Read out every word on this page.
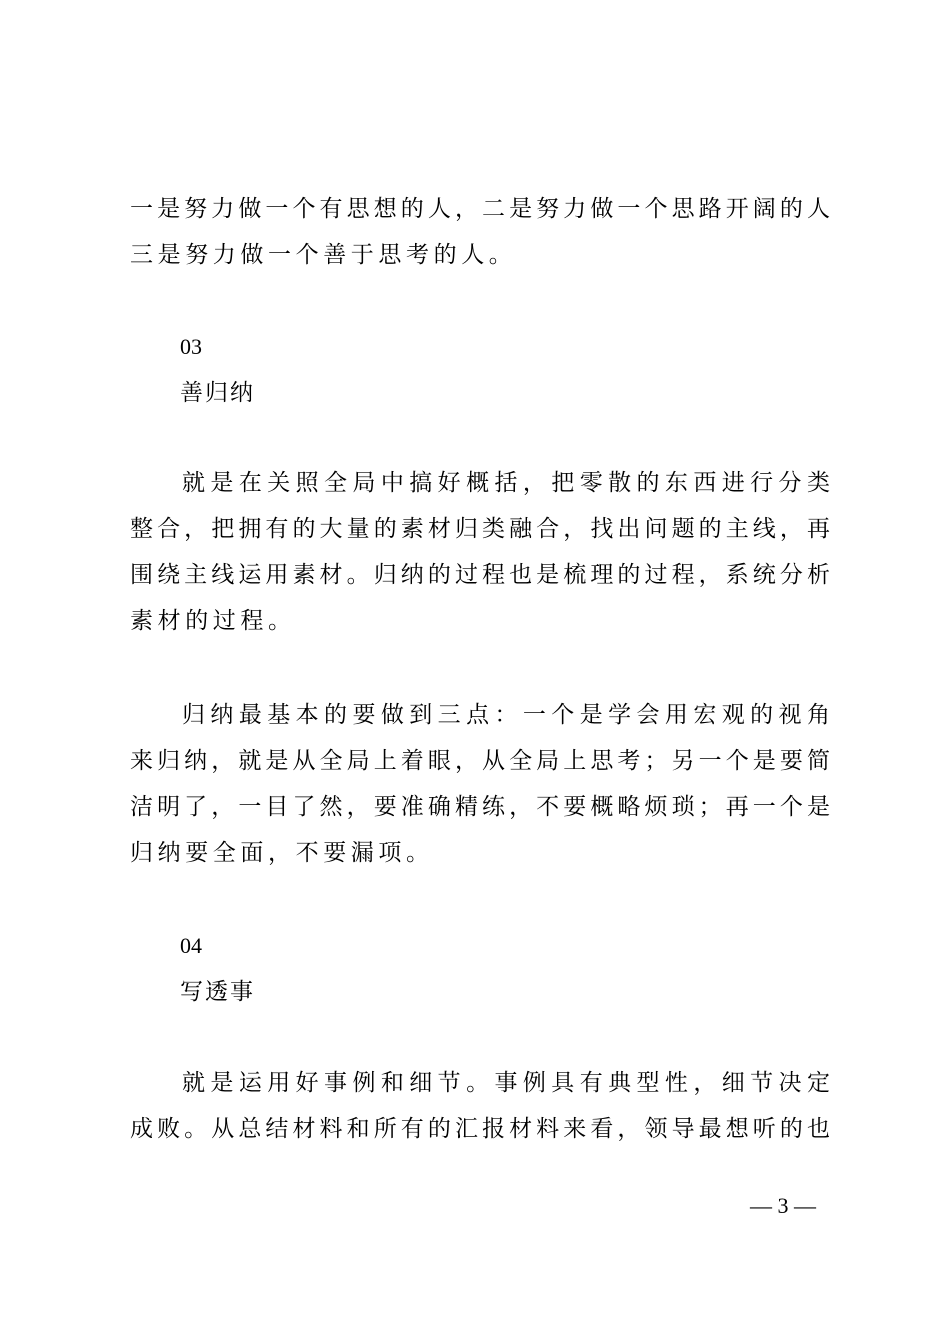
一 是 努 力 做 一 个 有 思 想 的 人 ， 二 是 努 力 做 一 个 思 路 开 阔 的 人
三是努力做一个善于思考的人。
03
善归纳
就 是 在 关 照 全 局 中 搞 好 概 括 ， 把 零 散 的 东 西 进 行 分 类
整 合 ， 把 拥 有 的 大 量 的 素 材 归 类 融 合 ， 找 出 问 题 的 主 线 ， 再
围 绕 主 线 运 用 素 材 。 归 纳 的 过 程 也 是 梳 理 的 过 程 ， 系 统 分 析
素材的过程。
归 纳 最 基 本 的 要 做 到 三 点 ： 一 个 是 学 会 用 宏 观 的 视 角
来 归 纳 ， 就 是 从 全 局 上 着 眼 ， 从 全 局 上 思 考 ； 另 一 个 是 要 简
洁 明 了 ， 一 目 了 然 ， 要 准 确 精 练 ， 不 要 概 略 烦 琐 ； 再 一 个 是
归纳要全面，不要漏项。
04
写透事
就 是 运 用 好 事 例 和 细 节 。 事 例 具 有 典 型 性 ， 细 节 决 定
成 败 。 从 总 结 材 料 和 所 有 的 汇 报 材 料 来 看 ， 领 导 最 想 听 的 也
— 3 —
